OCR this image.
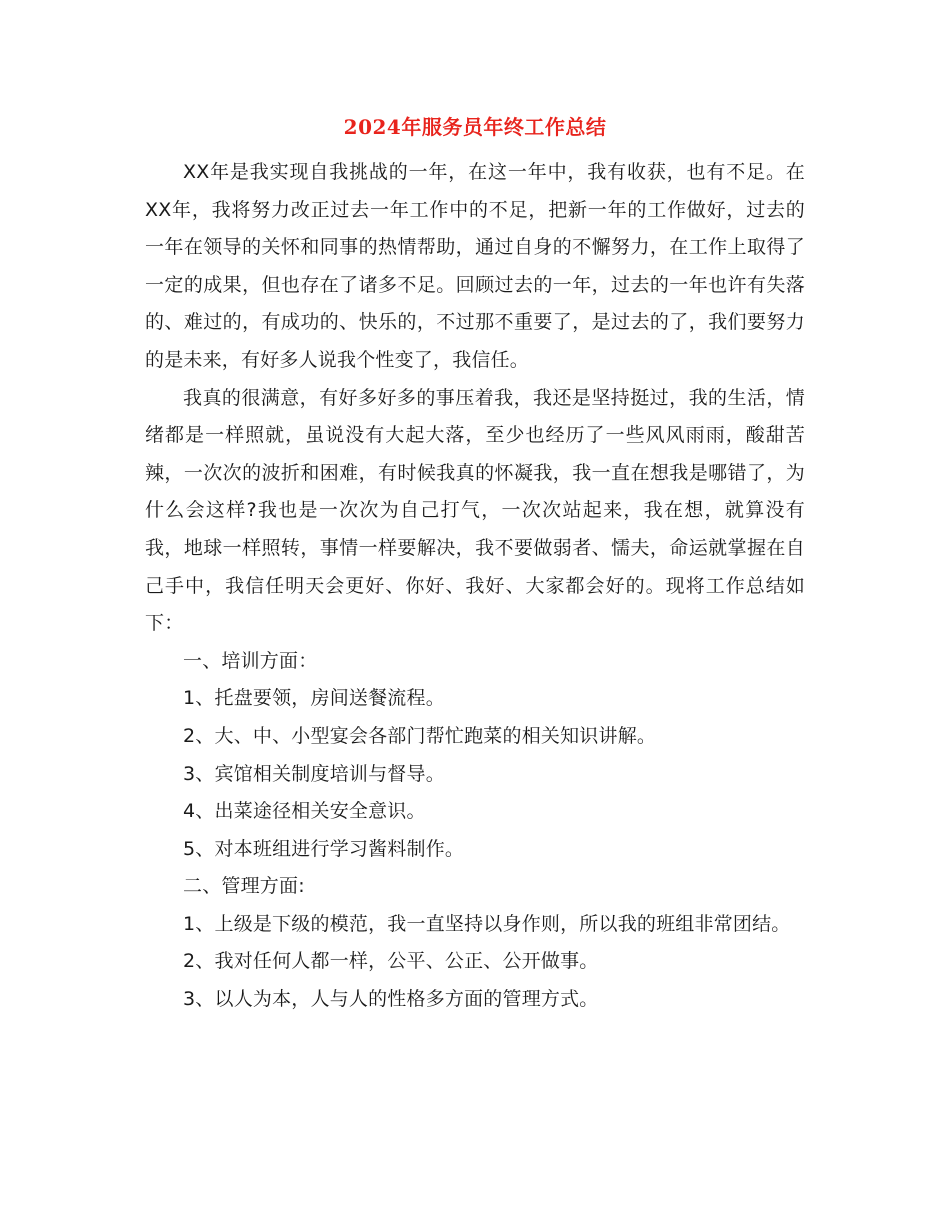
2024年服务员年终工作总结

XX年是我实现自我挑战的一年，在这一年中，我有收获，也有不足。在XX年，我将努力改正过去一年工作中的不足，把新一年的工作做好，过去的一年在领导的关怀和同事的热情帮助，通过自身的不懈努力，在工作上取得了一定的成果，但也存在了诸多不足。回顾过去的一年，过去的一年也许有失落的、难过的，有成功的、快乐的，不过那不重要了，是过去的了，我们要努力的是未来，有好多人说我个性变了，我信任。

我真的很满意，有好多好多的事压着我，我还是坚持挺过，我的生活，情绪都是一样照就，虽说没有大起大落，至少也经历了一些风风雨雨，酸甜苦辣，一次次的波折和困难，有时候我真的怀凝我，我一直在想我是哪错了，为什么会这样?我也是一次次为自己打气，一次次站起来，我在想，就算没有我，地球一样照转，事情一样要解决，我不要做弱者、懦夫，命运就掌握在自己手中，我信任明天会更好、你好、我好、大家都会好的。现将工作总结如下：

一、培训方面：

1、托盘要领，房间送餐流程。

2、大、中、小型宴会各部门帮忙跑菜的相关知识讲解。

3、宾馆相关制度培训与督导。

4、出菜途径相关安全意识。

5、对本班组进行学习酱料制作。

二、管理方面:

1、上级是下级的模范，我一直坚持以身作则，所以我的班组非常团结。

2、我对任何人都一样，公平、公正、公开做事。

3、以人为本，人与人的性格多方面的管理方式。
